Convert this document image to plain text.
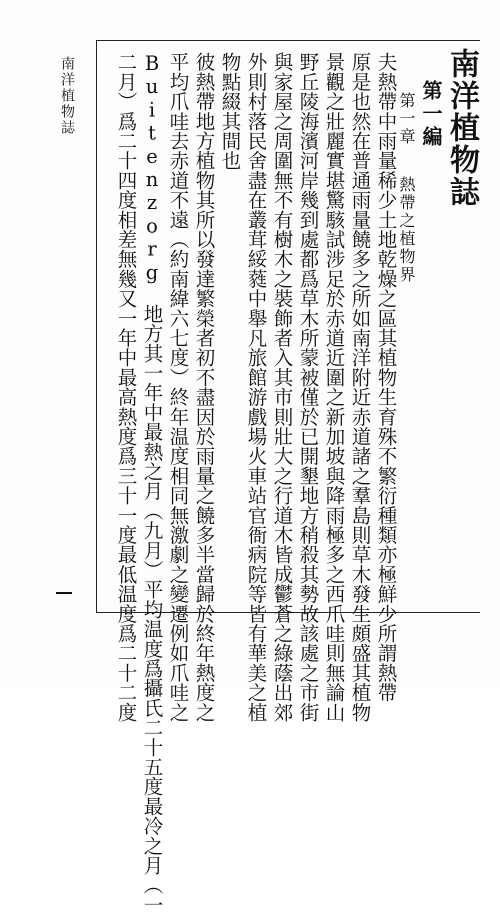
南洋植物誌
第一編
第一章熱帶之植物界
夫熱帶中雨量稀少土地乾燥之區其植物生育殊不繁衍種類亦極鮮少所謂熱帶
原是也然在普通雨量饒多之所如南洋附近赤道諸之羣島則草木發生頗盛其植物
景觀之壯麗實堪驚駭試涉足於赤道近圍之新加坡與降雨極多之西爪哇則無論山
野丘陵海濱河岸幾到處都爲草木所蒙被僅於已開墾地方稍殺其勢故該處之市街
與家屋之周圍無不有樹木之裝飾者入其市則壯大之行道木皆成鬱蒼之綠蔭出郊
外則村落民舍盡在叢茸綏蕤中舉凡旅館游戲場火車站官衙病院等皆有華美之植
物點綴其間也
彼熱帶地方植物其所以發達繁榮者初不盡因於雨量之饒多半當歸於終年熱度之
平均爪哇去赤道不遠（約南緯六七度）終年温度相同無激劇之變遷例如爪哇之
Buitenzorg　地方其一年中最熱之月（九月）平均温度爲攝氏二十五度最冷之月（一
二月）爲二十四度相差無幾又一年中最高熱度爲三十一度最低温度爲二十二度
南洋植物誌
